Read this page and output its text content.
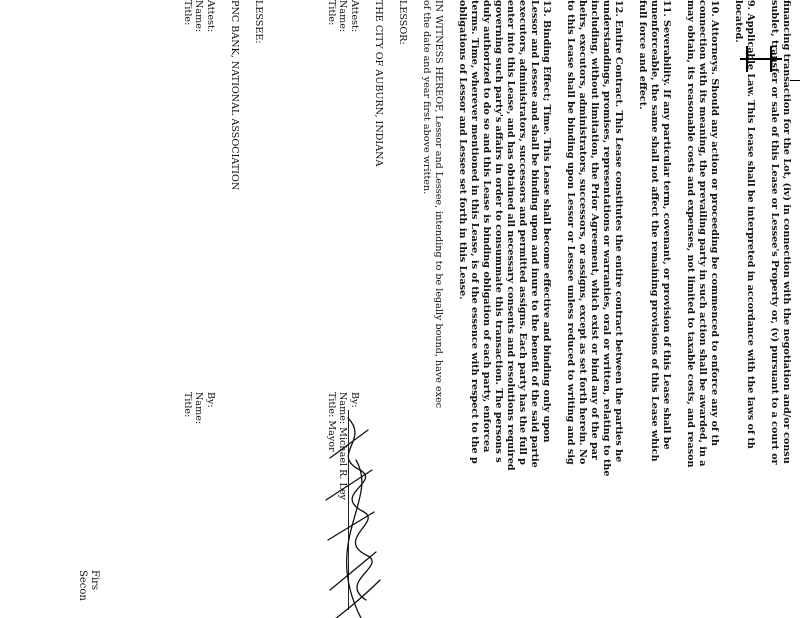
Firs
Secon
financing transaction for the Lot, (iv) in connection with the negotiation and/or consu
sublet, transfer or sale of this Lease or Lessee's Property or, (v) pursuant to a court or
9. Applicable Law. This Lease shall be interpreted in accordance with the laws of th
located.
10. Attorneys. Should any action or proceeding be commenced to enforce any of th
connection with its meaning, the prevailing party in such action shall be awarded, in a
may obtain, its reasonable costs and expenses, not limited to taxable costs, and reason
11. Severability. If any particular term, covenant, or provision of this Lease shall be
unenforceable, the same shall not affect the remaining provisions of this Lease which
full force and effect.
12. Entire Contract. This Lease constitutes the entire contract between the parties he
understandings, promises, representations or warranties, oral or written, relating to the
including, without limitation, the Prior Agreement, which exist or bind any of the par
heirs, executors, administrators, successors, or assigns, except as set forth herein. No
to this Lease shall be binding upon Lessor or Lessee unless reduced to writing and sig
13. Binding Effect; Time. This Lease shall become effective and binding only upon
Lessor and Lessee and shall be binding upon and inure to the benefit of the said partie
executors, administrators, successors and permitted assigns. Each party has the full p
enter into this Lease, and has obtained all necessary consents and resolutions required
governing such party's affairs in order to consummate this transaction. The persons s
duly authorized to do so and this Lease is binding obligation of each party, enforcea
terms. Time, wherever mentioned in this Lease, is of the essence with respect to the p
obligations of Lessor and Lessee set forth in this Lease.
IN WITNESS HEREOF, Lessor and Lessee, intending to be legally bound, have exec
of the date and year first above written.
LESSOR:
THE CITY OF AUBURN, INDIANA
Attest:
Name:
Title:
By:
Name: Michael R. Ley
Title: Mayor
LESSEE:
PNC BANK, NATIONAL ASSOCIATION
Attest:
Name:
Title:
By:
Name:
Title:
